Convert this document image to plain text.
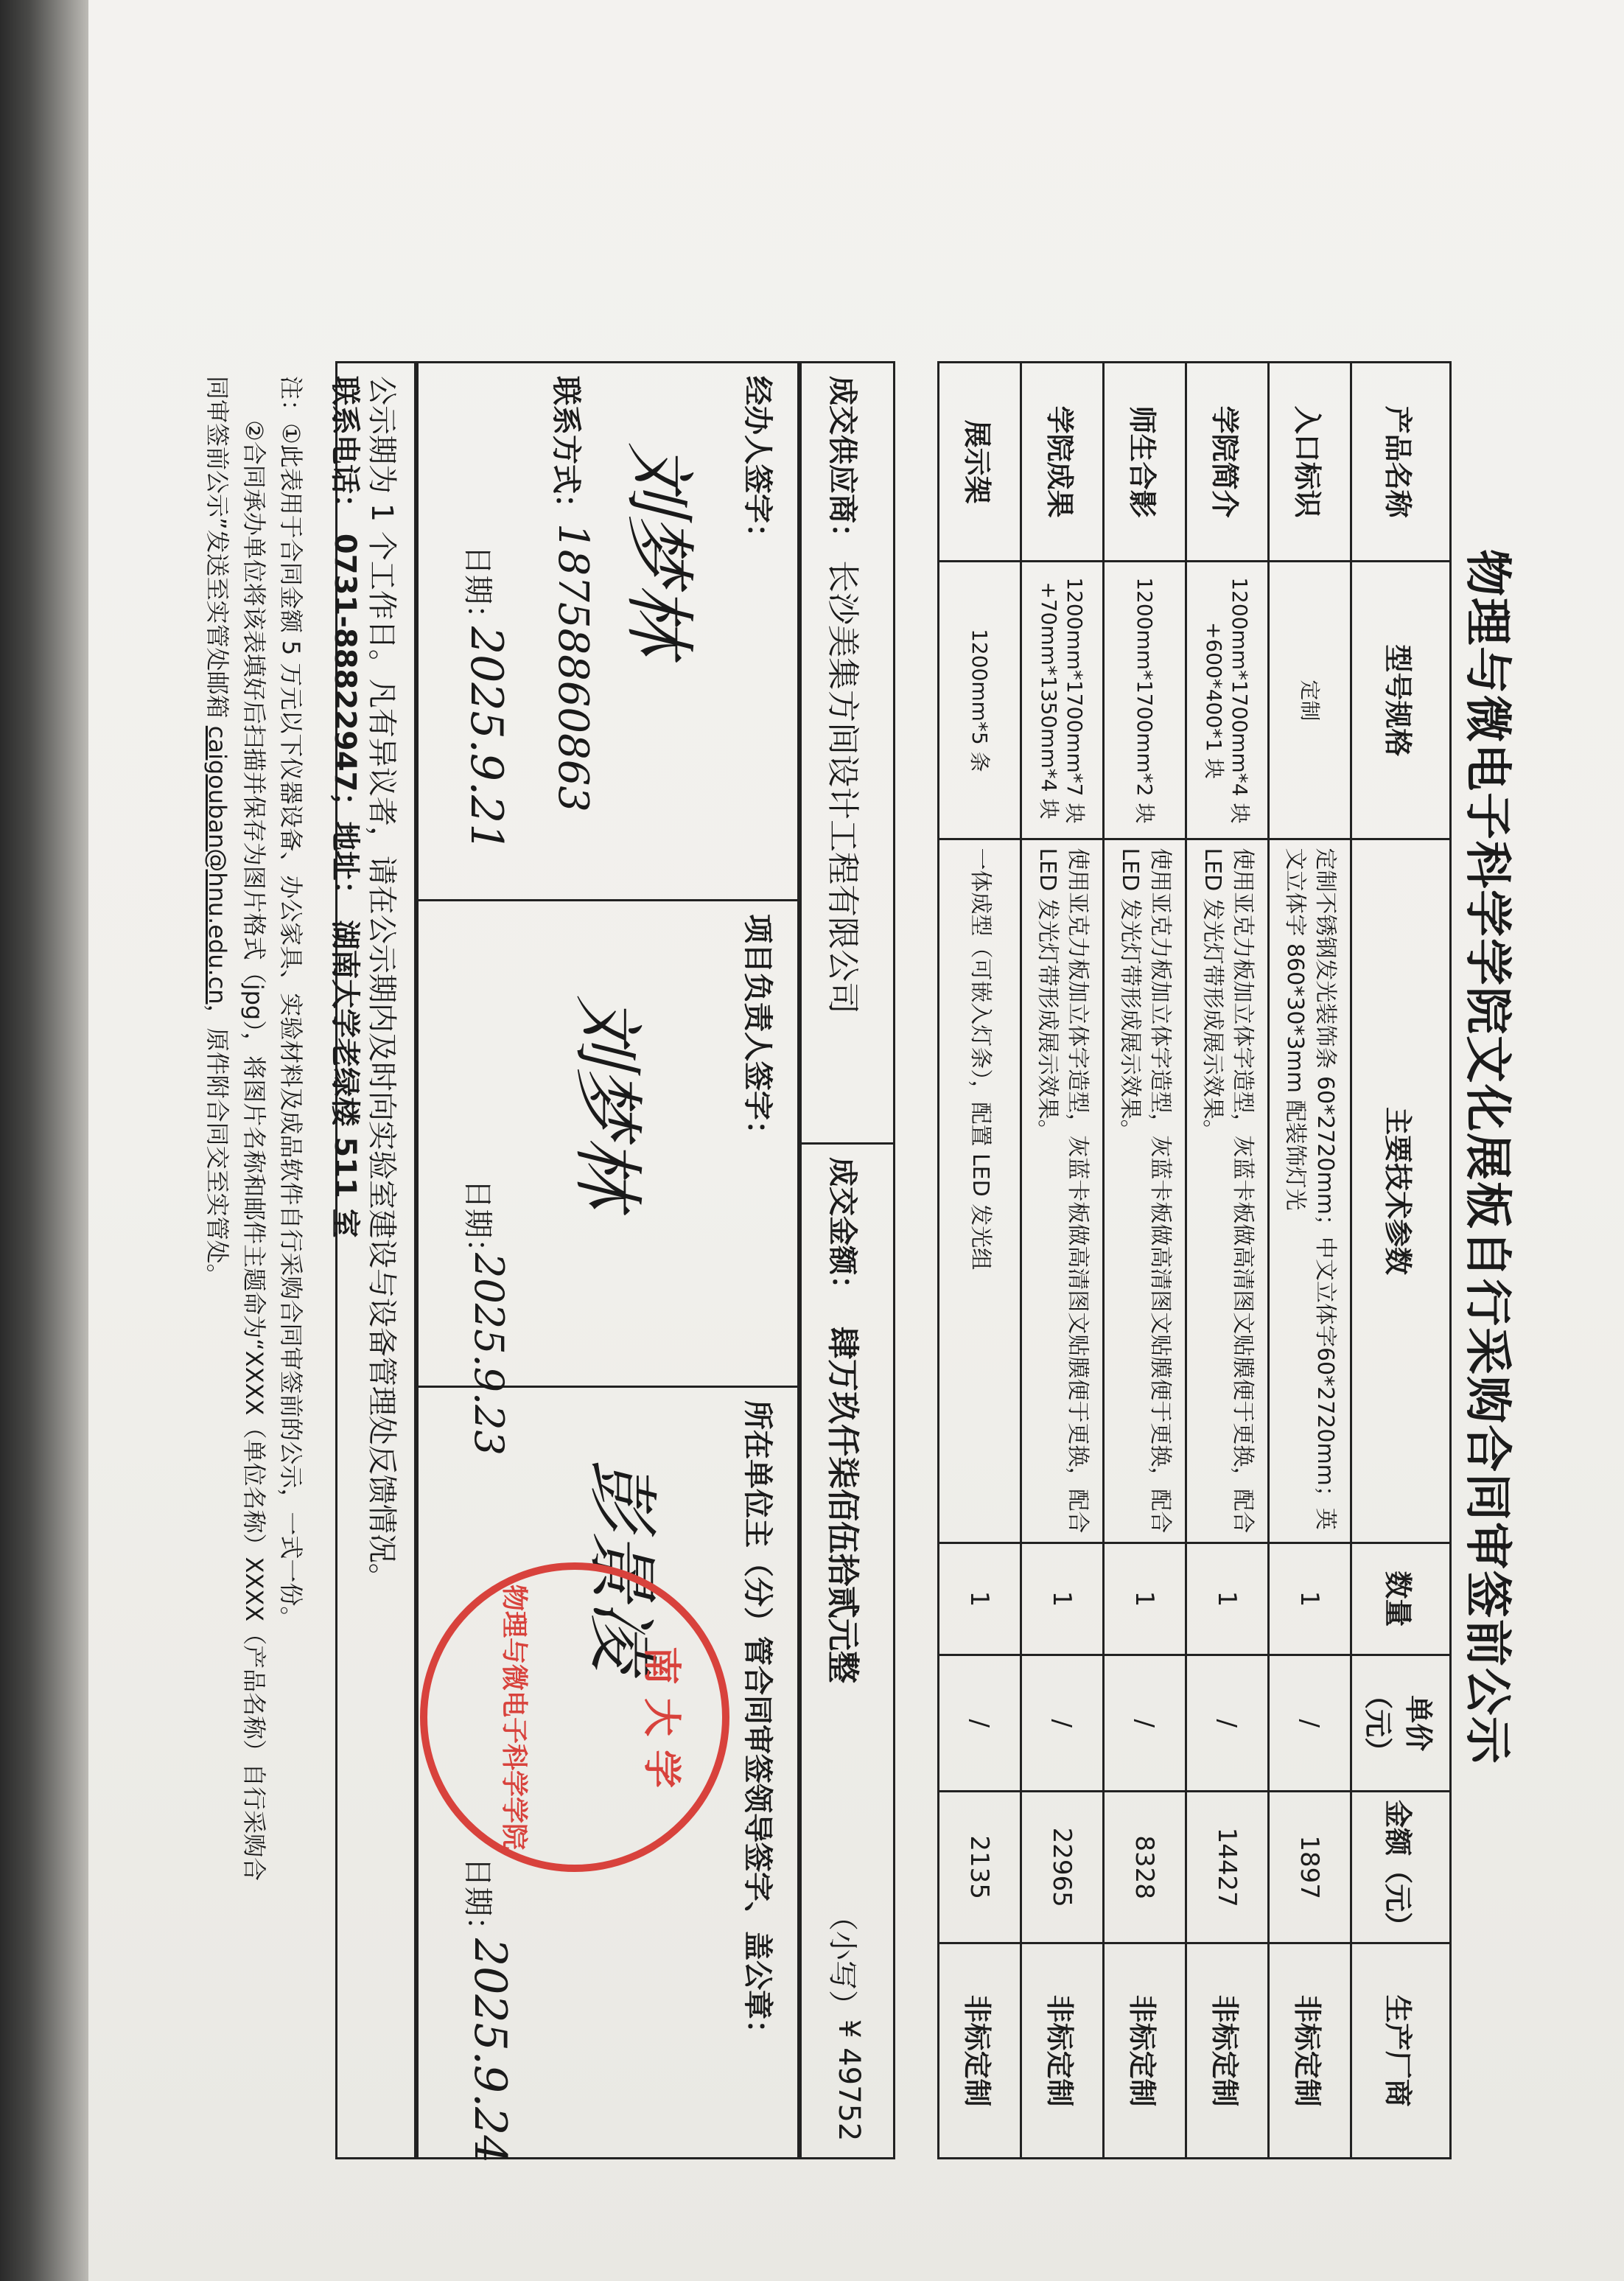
物理与微电子科学学院文化展板自行采购合同审签前公示
产品名称	型号规格	主要技术参数	数量	单价（元）	金额（元）	生产厂商
入口标识	定制	定制不锈钢发光装饰条 60*2720mm；中文立体字60*2720mm；英文立体字 860*30*3mm 配装饰灯光	1	/	1897	非标定制
学院简介	1200mm*1700mm*4 块+600*400*1 块	使用亚克力板加立体字造型，灰蓝卡板做高清图文贴膜便于更换，配合 LED 发光灯带形成展示效果。	1	/	14427	非标定制
师生合影	1200mm*1700mm*2 块	使用亚克力板加立体字造型，灰蓝卡板做高清图文贴膜便于更换，配合 LED 发光灯带形成展示效果。	1	/	8328	非标定制
学院成果	1200mm*1700mm*7 块+70mm*1350mm*4 块	使用亚克力板加立体字造型，灰蓝卡板做高清图文贴膜便于更换，配合 LED 发光灯带形成展示效果。	1	/	22965	非标定制
展示架	1200mm*5 条	一体成型（可嵌入灯条），配置 LED 发光组	1	/	2135	非标定制
成交供应商：
长沙美集方间设计工程有限公司
成交金额：
肆万玖仟柒佰伍拾贰元整
（小写）
¥ 49752
经办人签字：
刘梦林
联系方式：
18758860863
日期：
2025.9.21
项目负责人签字：
刘梦林
日期：
2025.9.23
所在单位主（分）管合同审签领导签字、盖公章：
彭景凌
日期：
2025.9.24
南 大 学
物理与微电子科学学院
公示期为 1 个工作日。凡有异议者，请在公示期内及时向实验室建设与设备管理处反馈情况。
联系电话： 0731-88822947；地址： 湖南大学老绿楼 511 室
注：①此表用于合同金额 5 万元以下仪器设备、办公家具、实验材料及成品软件自行采购合同审签前的公示，一式一份。
②合同承办单位将该表填好后扫描并保存为图片格式（jpg），将图片名称和邮件主题命为“XXXX（单位名称）XXXX（产品名称）自行采购合
同审签前公示”发送至实管处邮箱 caigouban@hnu.edu.cn，原件附合同交至实管处。
